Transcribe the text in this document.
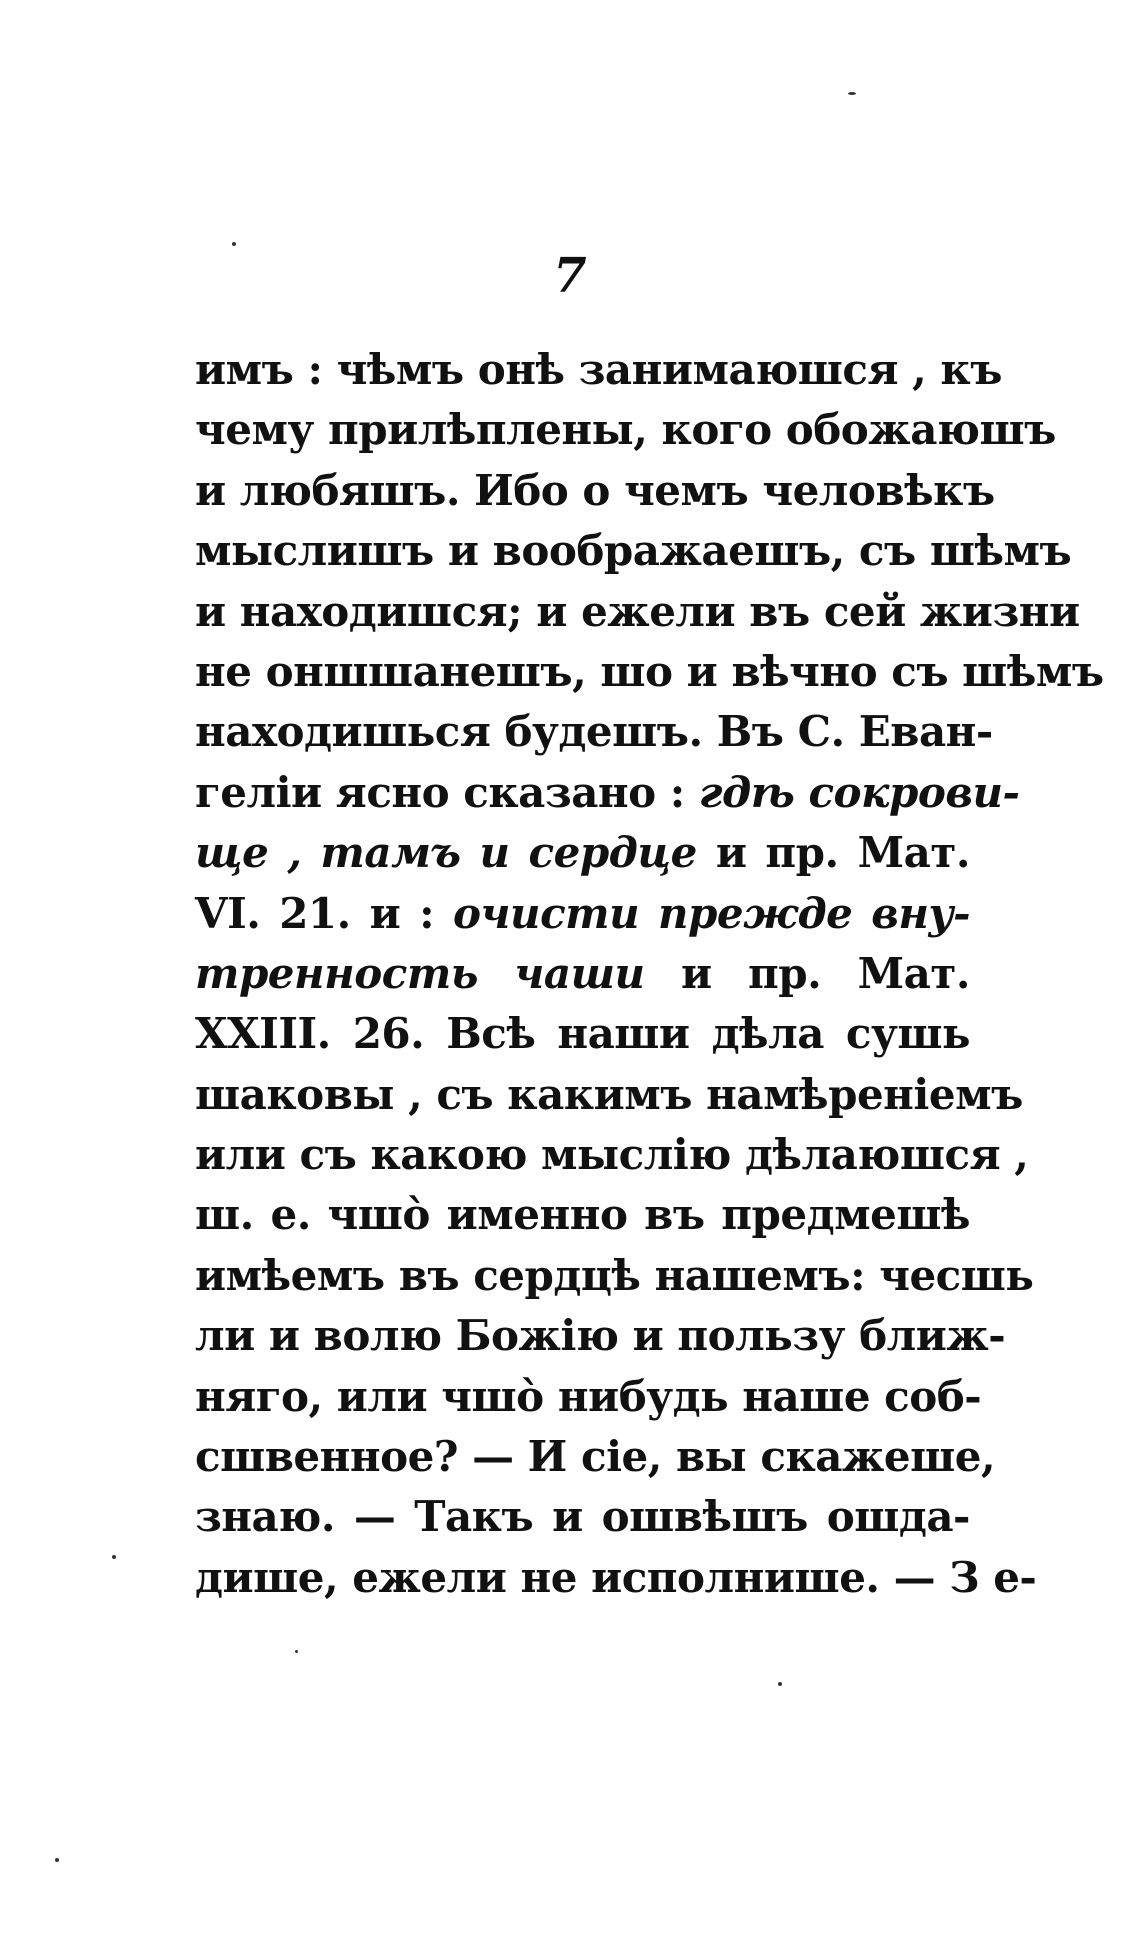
7
имъ : чѣмъ онѣ занимаюшся , къ
чему прилѣплены, кого обожаюшъ
и любяшъ. Ибо о чемъ человѣкъ
мыслишъ и воображаешъ, съ шѣмъ
и находишся; и ежели въ сей жизни
не оншшанешъ, шо и вѣчно съ шѣмъ
находишься будешъ. Въ С. Еван-
геліи ясно сказано : гдѣ сокрови-
ще , тамъ и сердце и пр. Мат.
VI. 21. и : очисти прежде вну-
тренность чаши и пр. Мат.
XXIII. 26. Всѣ наши дѣла сушь
шаковы , съ какимъ намѣреніемъ
или съ какою мыслію дѣлаюшся ,
ш. е. чшò именно въ предмешѣ
имѣемъ въ сердцѣ нашемъ: чесшь
ли и волю Божію и пользу ближ-
няго, или чшò нибудь наше соб-
сшвенное? — И сіе, вы скажеше,
знаю. — Такъ и ошвѣшъ ошда-
дише, ежели не исполнише. — З е-
